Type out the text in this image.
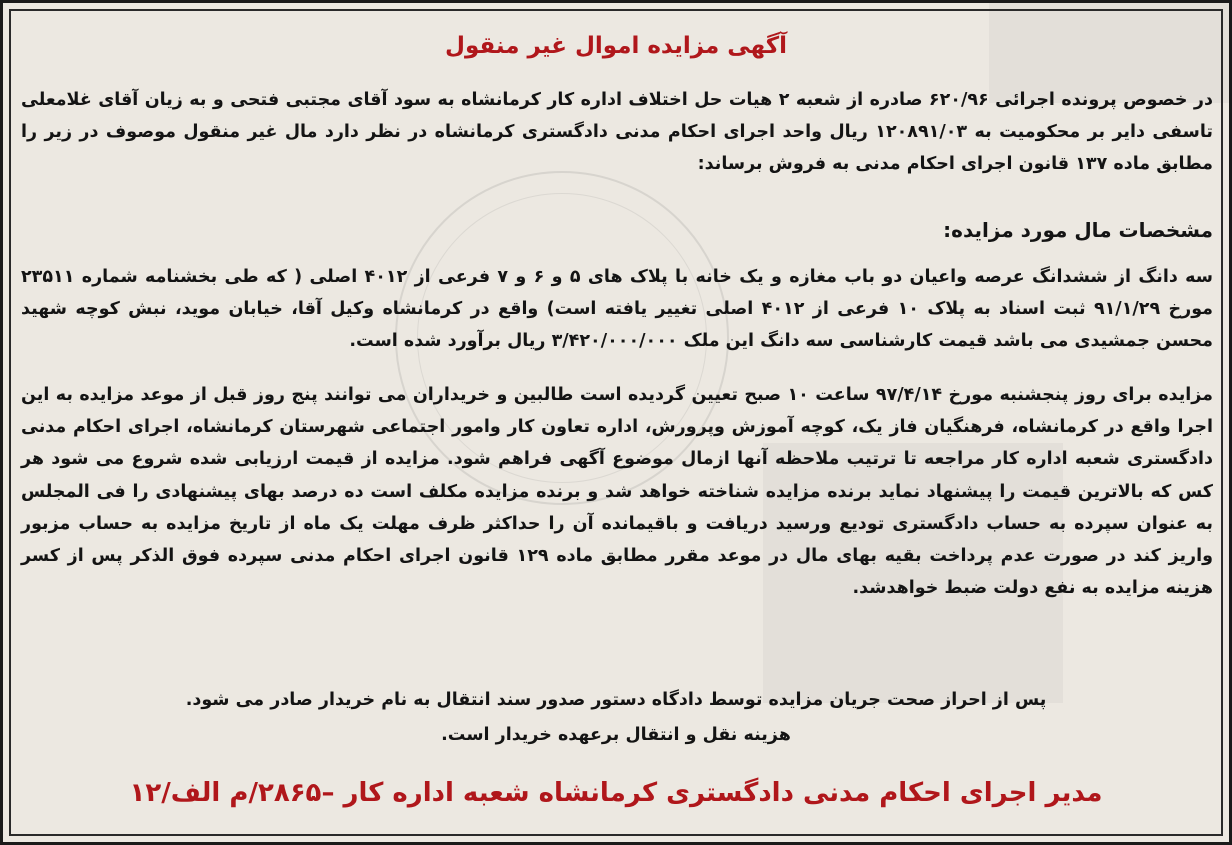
آگهی مزایده اموال غیر منقول

در خصوص پرونده اجرائی ۶۲۰/۹۶ صادره از شعبه ۲ هیات حل اختلاف اداره کار کرمانشاه به سود آقای مجتبی فتحی و به زیان آقای غلامعلی تاسفی دایر بر محکومیت به ۱۲۰۸۹۱/۰۳ ریال واحد اجرای احکام مدنی دادگستری کرمانشاه در نظر دارد مال غیر منقول موصوف در زیر را مطابق ماده ۱۳۷ قانون اجرای احکام مدنی به فروش برساند:

مشخصات مال مورد مزایده:

سه دانگ از ششدانگ عرصه واعیان دو باب مغازه و یک خانه با پلاک های ۵ و ۶ و ۷ فرعی از ۴۰۱۲ اصلی ( که طی بخشنامه شماره ۲۳۵۱۱ مورخ ۹۱/۱/۲۹ ثبت اسناد به پلاک ۱۰ فرعی از ۴۰۱۲ اصلی تغییر یافته است) واقع در کرمانشاه وکیل آقا، خیابان موید، نبش کوچه شهید محسن جمشیدی می باشد قیمت کارشناسی سه دانگ این ملک ۳/۴۲۰/۰۰۰/۰۰۰ ریال برآورد شده است.

مزایده برای روز پنجشنبه مورخ ۹۷/۴/۱۴ ساعت ۱۰ صبح تعیین گردیده است طالبین و خریداران می توانند پنج روز قبل از موعد مزایده به این اجرا واقع در کرمانشاه، فرهنگیان فاز یک، کوچه آموزش وپرورش، اداره تعاون کار وامور اجتماعی شهرستان کرمانشاه، اجرای احکام مدنی دادگستری شعبه اداره کار مراجعه تا ترتیب ملاحظه آنها ازمال موضوع آگهی فراهم شود. مزایده از قیمت ارزیابی شده شروع می شود هر کس که بالاترین قیمت را پیشنهاد نماید برنده مزایده شناخته خواهد شد و برنده مزایده مکلف است ده درصد بهای پیشنهادی را فی المجلس به عنوان سپرده به حساب دادگستری تودیع ورسید دریافت و باقیمانده آن را حداکثر ظرف مهلت یک ماه از تاریخ مزایده به حساب مزبور واریز کند در صورت عدم پرداخت بقیه بهای مال در موعد مقرر مطابق ماده ۱۲۹ قانون اجرای احکام مدنی سپرده فوق الذکر پس از کسر هزینه مزایده به نفع دولت ضبط خواهدشد.

پس از احراز صحت جریان مزایده توسط دادگاه دستور صدور سند انتقال به نام خریدار صادر می شود.
هزینه نقل و انتقال برعهده خریدار است.
مدیر اجرای احکام مدنی دادگستری کرمانشاه شعبه اداره کار –۲۸۶۵/م الف/۱۲
